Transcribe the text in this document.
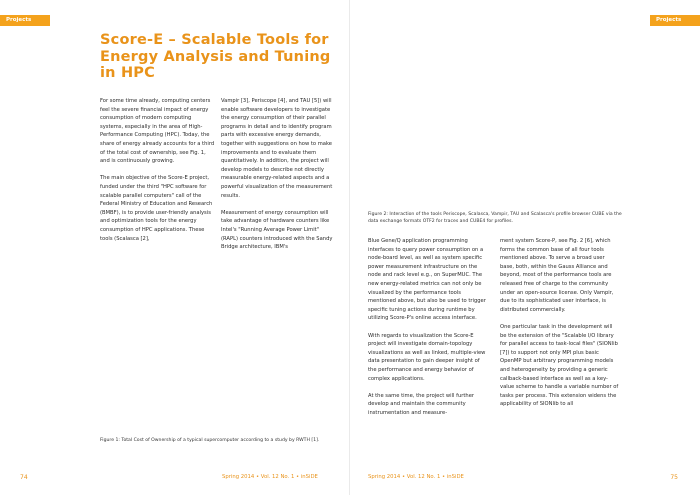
Projects
Score-E – Scalable Tools for Energy Analysis and Tuning in HPC

For some time already, computing centers feel the severe financial impact of energy consumption of modern computing systems, especially in the area of High-Performance Computing (HPC). Today, the share of energy already accounts for a third of the total cost of ownership, see Fig. 1, and is continuously growing.

The main objective of the Score-E project, funded under the third "HPC software for scalable parallel computers" call of the Federal Ministry of Education and Research (BMBF), is to provide user-friendly analysis and optimization tools for the energy consumption of HPC applications. These tools (Scalasca [2],

Vampir [3], Periscope [4], and TAU [5]) will enable software developers to investigate the energy consumption of their parallel programs in detail and to identify program parts with excessive energy demands, together with suggestions on how to make improvements and to evaluate them quantitatively. In addition, the project will develop models to describe not directly measurable energy-related aspects and a powerful visualization of the measurement results.

Measurement of energy consumption will take advantage of hardware counters like Intel's "Running Average Power Limit" (RAPL) counters introduced with the Sandy Bridge architecture, IBM's

Figure 1: Total Cost of Ownership of a typical supercomputer according to a study by RWTH [1].
74	Spring 2014 • Vol. 12 No. 1 • inSiDE
Projects
Figure 2: Interaction of the tools Periscope, Scalasca, Vampir, TAU and Scalasca's profile browser CUBE via the data exchange formats OTF2 for traces and CUBE4 for profiles.

Blue Gene/Q application programming interfaces to query power consumption on a node-board level, as well as system specific power measurement infrastructure on the node and rack level e.g., on SuperMUC. The new energy-related metrics can not only be visualized by the performance tools mentioned above, but also be used to trigger specific tuning actions during runtime by utilizing Score-P's online access interface.

With regards to visualization the Score-E project will investigate domain-topology visualizations as well as linked, multiple-view data presentation to gain deeper insight of the performance and energy behavior of complex applications.

At the same time, the project will further develop and maintain the community instrumentation and measure-

ment system Score-P, see Fig. 2 [6], which forms the common base of all four tools mentioned above. To serve a broad user base, both, within the Gauss Alliance and beyond, most of the performance tools are released free of charge to the community under an open-source license. Only Vampir, due to its sophisticated user interface, is distributed commercially.

One particular task in the development will be the extension of the "Scalable I/O library for parallel access to task-local files" (SIONlib [7]) to support not only MPI plus basic OpenMP but arbitrary programming models and heterogeneity by providing a generic callback-based interface as well as a key-value scheme to handle a variable number of tasks per process. This extension widens the applicability of SIONlib to all

Spring 2014 • Vol. 12 No. 1 • inSiDE	75
